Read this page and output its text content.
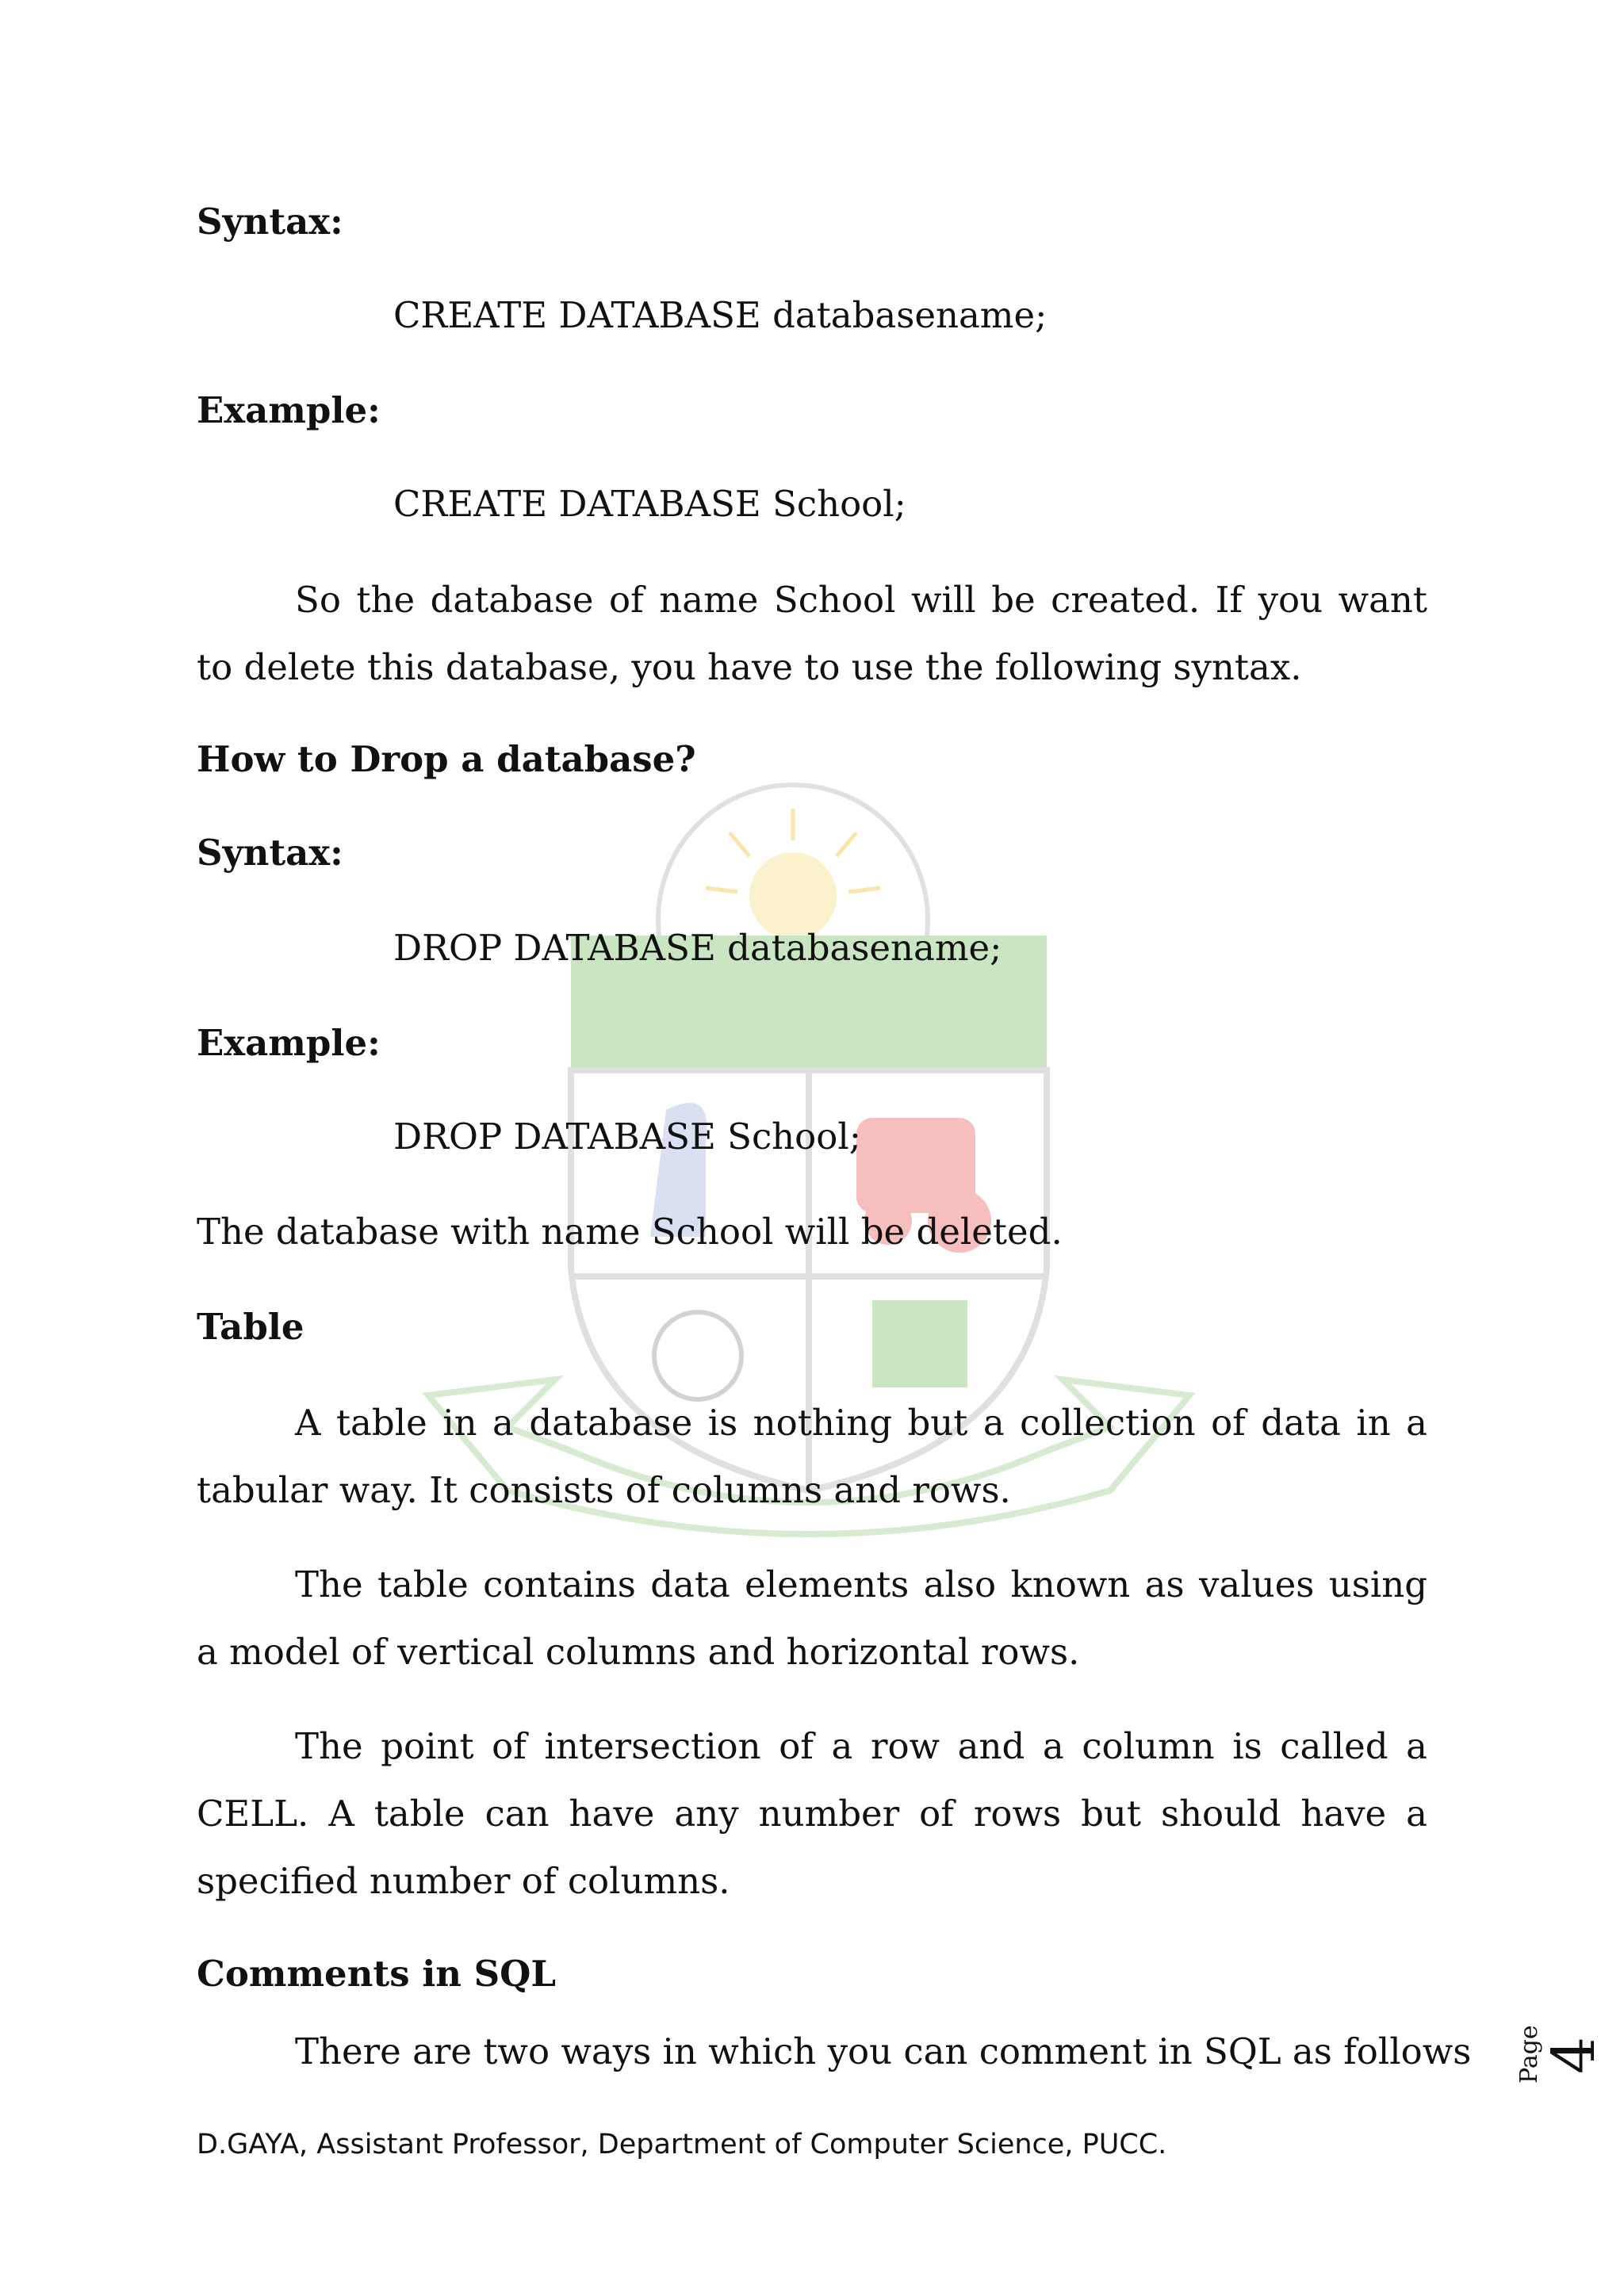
Syntax:
CREATE DATABASE databasename;
Example:
CREATE DATABASE School;

So the database of name School will be created. If you want to delete this database, you have to use the following syntax.

How to Drop a database?
Syntax:
DROP DATABASE databasename;
Example:
DROP DATABASE School;
The database with name School will be deleted.
Table

A table in a database is nothing but a collection of data in a tabular way. It consists of columns and rows.

The table contains data elements also known as values using a model of vertical columns and horizontal rows.

The point of intersection of a row and a column is called a CELL. A table can have any number of rows but should have a specified number of columns.

Comments in SQL
There are two ways in which you can comment in SQL as follows Page
4
D.GAYA, Assistant Professor, Department of Computer Science, PUCC.
